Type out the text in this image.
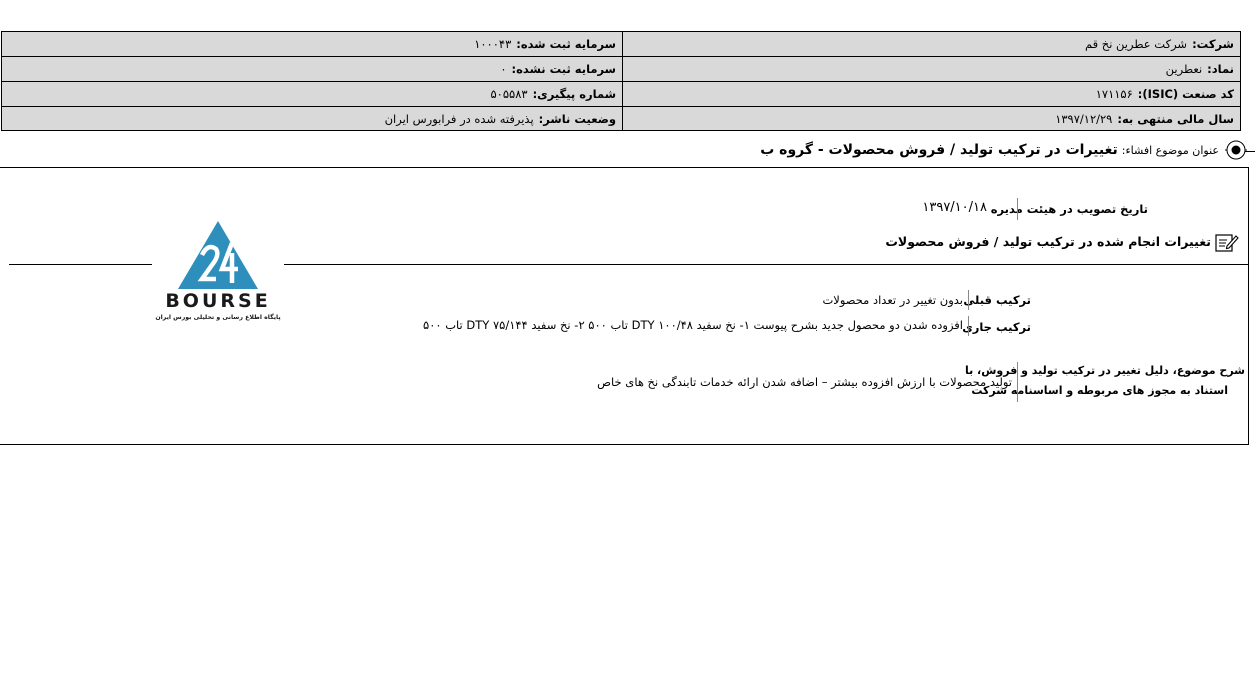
شرکت:شرکت عطرین نخ قم
سرمایه ثبت شده:۱۰۰۰۴۳
نماد:نعطرین
سرمایه ثبت نشده:۰
کد صنعت (ISIC):۱۷۱۱۵۶
شماره پیگیری:۵۰۵۵۸۳
سال مالی منتهی به:۱۳۹۷/۱۲/۲۹
وضعیت ناشر:پذیرفته شده در فرابورس ایران
عنوان موضوع افشاء:
تغییرات در ترکیب تولید / فروش محصولات - گروه ب
تاریخ تصویب در هیئت مدیره
۱۳۹۷/۱۰/۱۸
تغییرات انجام شده در ترکیب تولید / فروش محصولات
ترکیب قبلی
بدون تغییر در تعداد محصولات
ترکیب جاری
افزوده شدن دو محصول جدید بشرح پیوست ۱- نخ سفید ۱۰۰/۴۸ DTY تاب ۵۰۰ ۲- نخ سفید ۷۵/۱۴۴ DTY تاب ۵۰۰
شرح موضوع، دلیل تغییر در ترکیب تولید و فروش، با
استناد به مجوز های مربوطه و اساسنامه شرکت
تولید محصولات با ارزش افزوده بیشتر – اضافه شدن ارائه خدمات تابندگی نخ های خاص
BOURSE
پایگاه اطلاع رسانی و تحلیلی بورس ایران
